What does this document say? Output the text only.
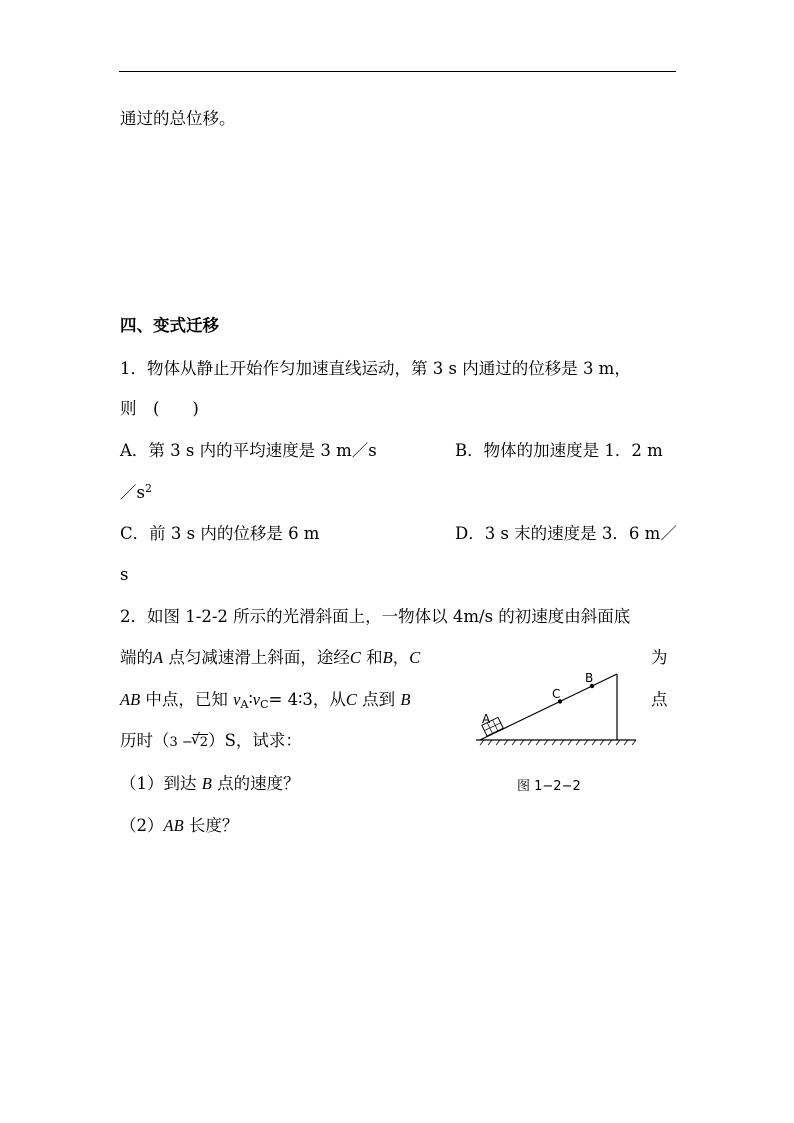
通过的总位移。
四、变式迁移
1．物体从静止开始作匀加速直线运动，第 3 s 内通过的位移是 3 m，
则　(　　)
A．第 3 s 内的平均速度是 3 m／s	B．物体的加速度是 1．2 m
$/s^2$
C．前 3 s 内的位移是 6 m	D．3 s 末的速度是 3．6 m／
s
2．如图 1-2-2 所示的光滑斜面上，一物体以 4m/s 的初速度由斜面底
端的A 点匀减速滑上斜面，途经C 和B，C	为
AB 中点，已知 $v_A∶v_C=$ 4∶3，从C 点到 B	点
历时（3 −√ 2）S，试求：
（1）到达 B 点的速度？
（2）AB 长度？
A
C
B
图 1−2−2
